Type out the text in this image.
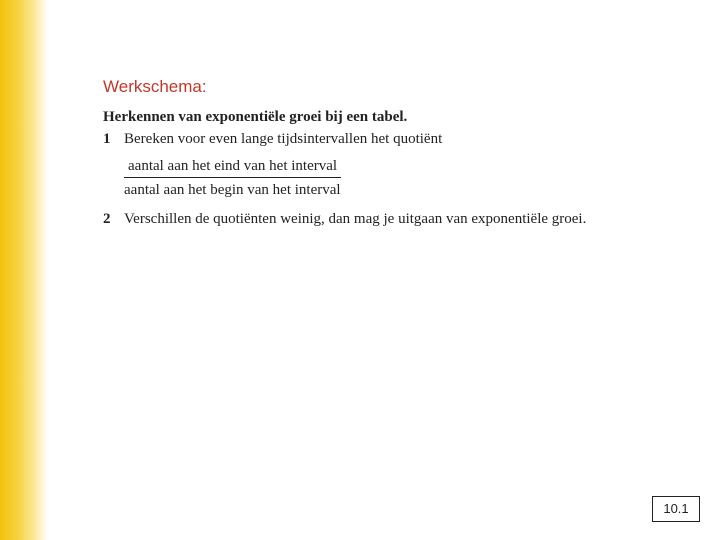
Werkschema:
Herkennen van exponentiële groei bij een tabel.
1 Bereken voor even lange tijdsintervallen het quotiënt
aantal aan het eind van het interval
aantal aan het begin van het interval
2 Verschillen de quotiënten weinig, dan mag je uitgaan van exponentiële groei.
10.1
